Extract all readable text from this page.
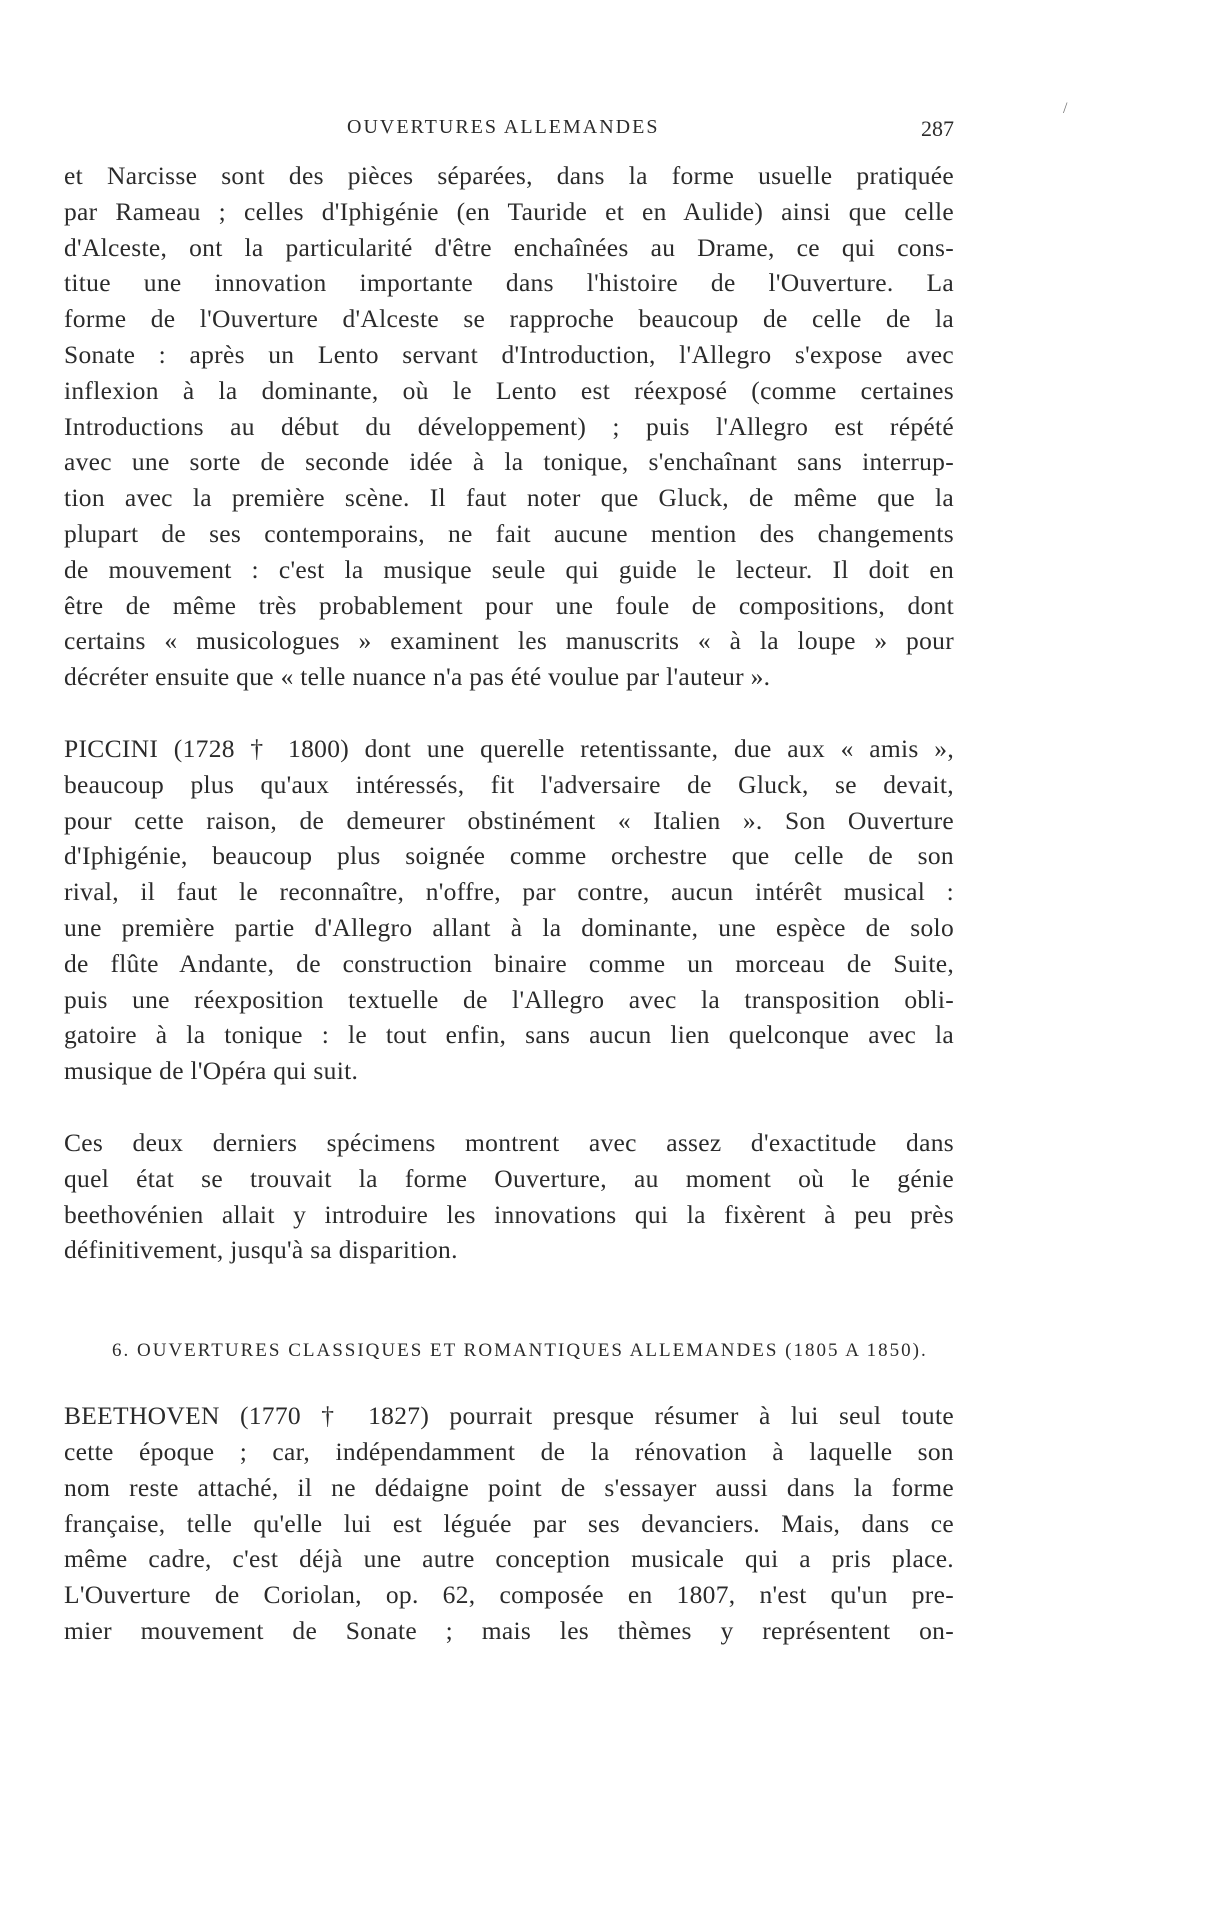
OUVERTURES ALLEMANDES	287
/
et Narcisse sont des pièces séparées, dans la forme usuelle pratiquée
par Rameau ; celles d'Iphigénie (en Tauride et en Aulide) ainsi que celle
d'Alceste, ont la particularité d'être enchaînées au Drame, ce qui cons-
titue une innovation importante dans l'histoire de l'Ouverture. La
forme de l'Ouverture d'Alceste se rapproche beaucoup de celle de la
Sonate : après un Lento servant d'Introduction, l'Allegro s'expose avec
inflexion à la dominante, où le Lento est réexposé (comme certaines
Introductions au début du développement) ; puis l'Allegro est répété
avec une sorte de seconde idée à la tonique, s'enchaînant sans interrup-
tion avec la première scène. Il faut noter que Gluck, de même que la
plupart de ses contemporains, ne fait aucune mention des changements
de mouvement : c'est la musique seule qui guide le lecteur. Il doit en
être de même très probablement pour une foule de compositions, dont
certains « musicologues » examinent les manuscrits « à la loupe » pour
décréter ensuite que « telle nuance n'a pas été voulue par l'auteur ».
PICCINI (1728 † 1800) dont une querelle retentissante, due aux « amis »,
beaucoup plus qu'aux intéressés, fit l'adversaire de Gluck, se devait,
pour cette raison, de demeurer obstinément « Italien ». Son Ouverture
d'Iphigénie, beaucoup plus soignée comme orchestre que celle de son
rival, il faut le reconnaître, n'offre, par contre, aucun intérêt musical :
une première partie d'Allegro allant à la dominante, une espèce de solo
de flûte Andante, de construction binaire comme un morceau de Suite,
puis une réexposition textuelle de l'Allegro avec la transposition obli-
gatoire à la tonique : le tout enfin, sans aucun lien quelconque avec la
musique de l'Opéra qui suit.
Ces deux derniers spécimens montrent avec assez d'exactitude dans
quel état se trouvait la forme Ouverture, au moment où le génie
beethovénien allait y introduire les innovations qui la fixèrent à peu près
définitivement, jusqu'à sa disparition.

6. OUVERTURES CLASSIQUES ET ROMANTIQUES ALLEMANDES (1805 A 1850).

BEETHOVEN (1770 † 1827) pourrait presque résumer à lui seul toute
cette époque ; car, indépendamment de la rénovation à laquelle son
nom reste attaché, il ne dédaigne point de s'essayer aussi dans la forme
française, telle qu'elle lui est léguée par ses devanciers. Mais, dans ce
même cadre, c'est déjà une autre conception musicale qui a pris place.
L'Ouverture de Coriolan, op. 62, composée en 1807, n'est qu'un pre-
mier mouvement de Sonate ; mais les thèmes y représentent on-
